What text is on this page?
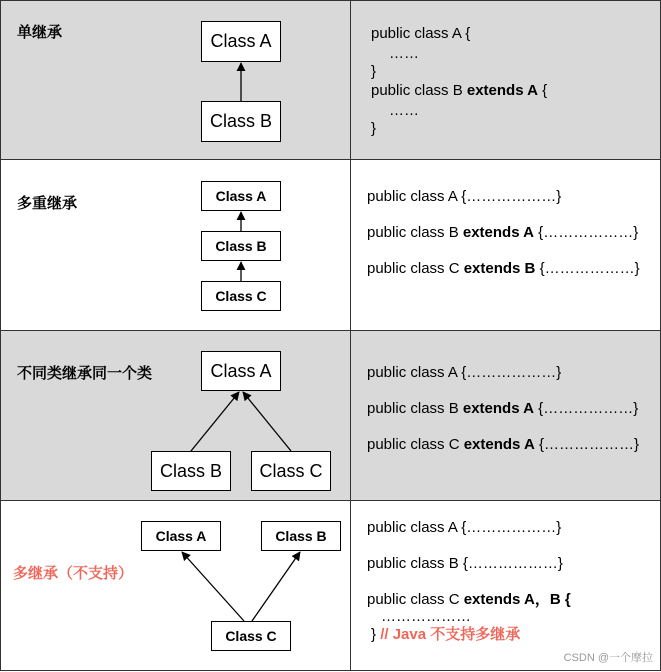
单继承	Class A
Class B
public class A {
……
}
public class B extends A {
……
}
多重继承	Class A
Class B
Class C
public class A {………………}
public class B extends A {………………}
public class C extends B {………………}
不同类继承同一个类	Class A
Class B	Class C
public class A {………………}
public class B extends A {………………}
public class C extends A {………………}
多继承（不支持）
Class A	Class B
Class C
public class A {………………}
public class B {………………}
public class C extends A，B {
………………
} // Java 不支持多继承
CSDN @一个摩拉
